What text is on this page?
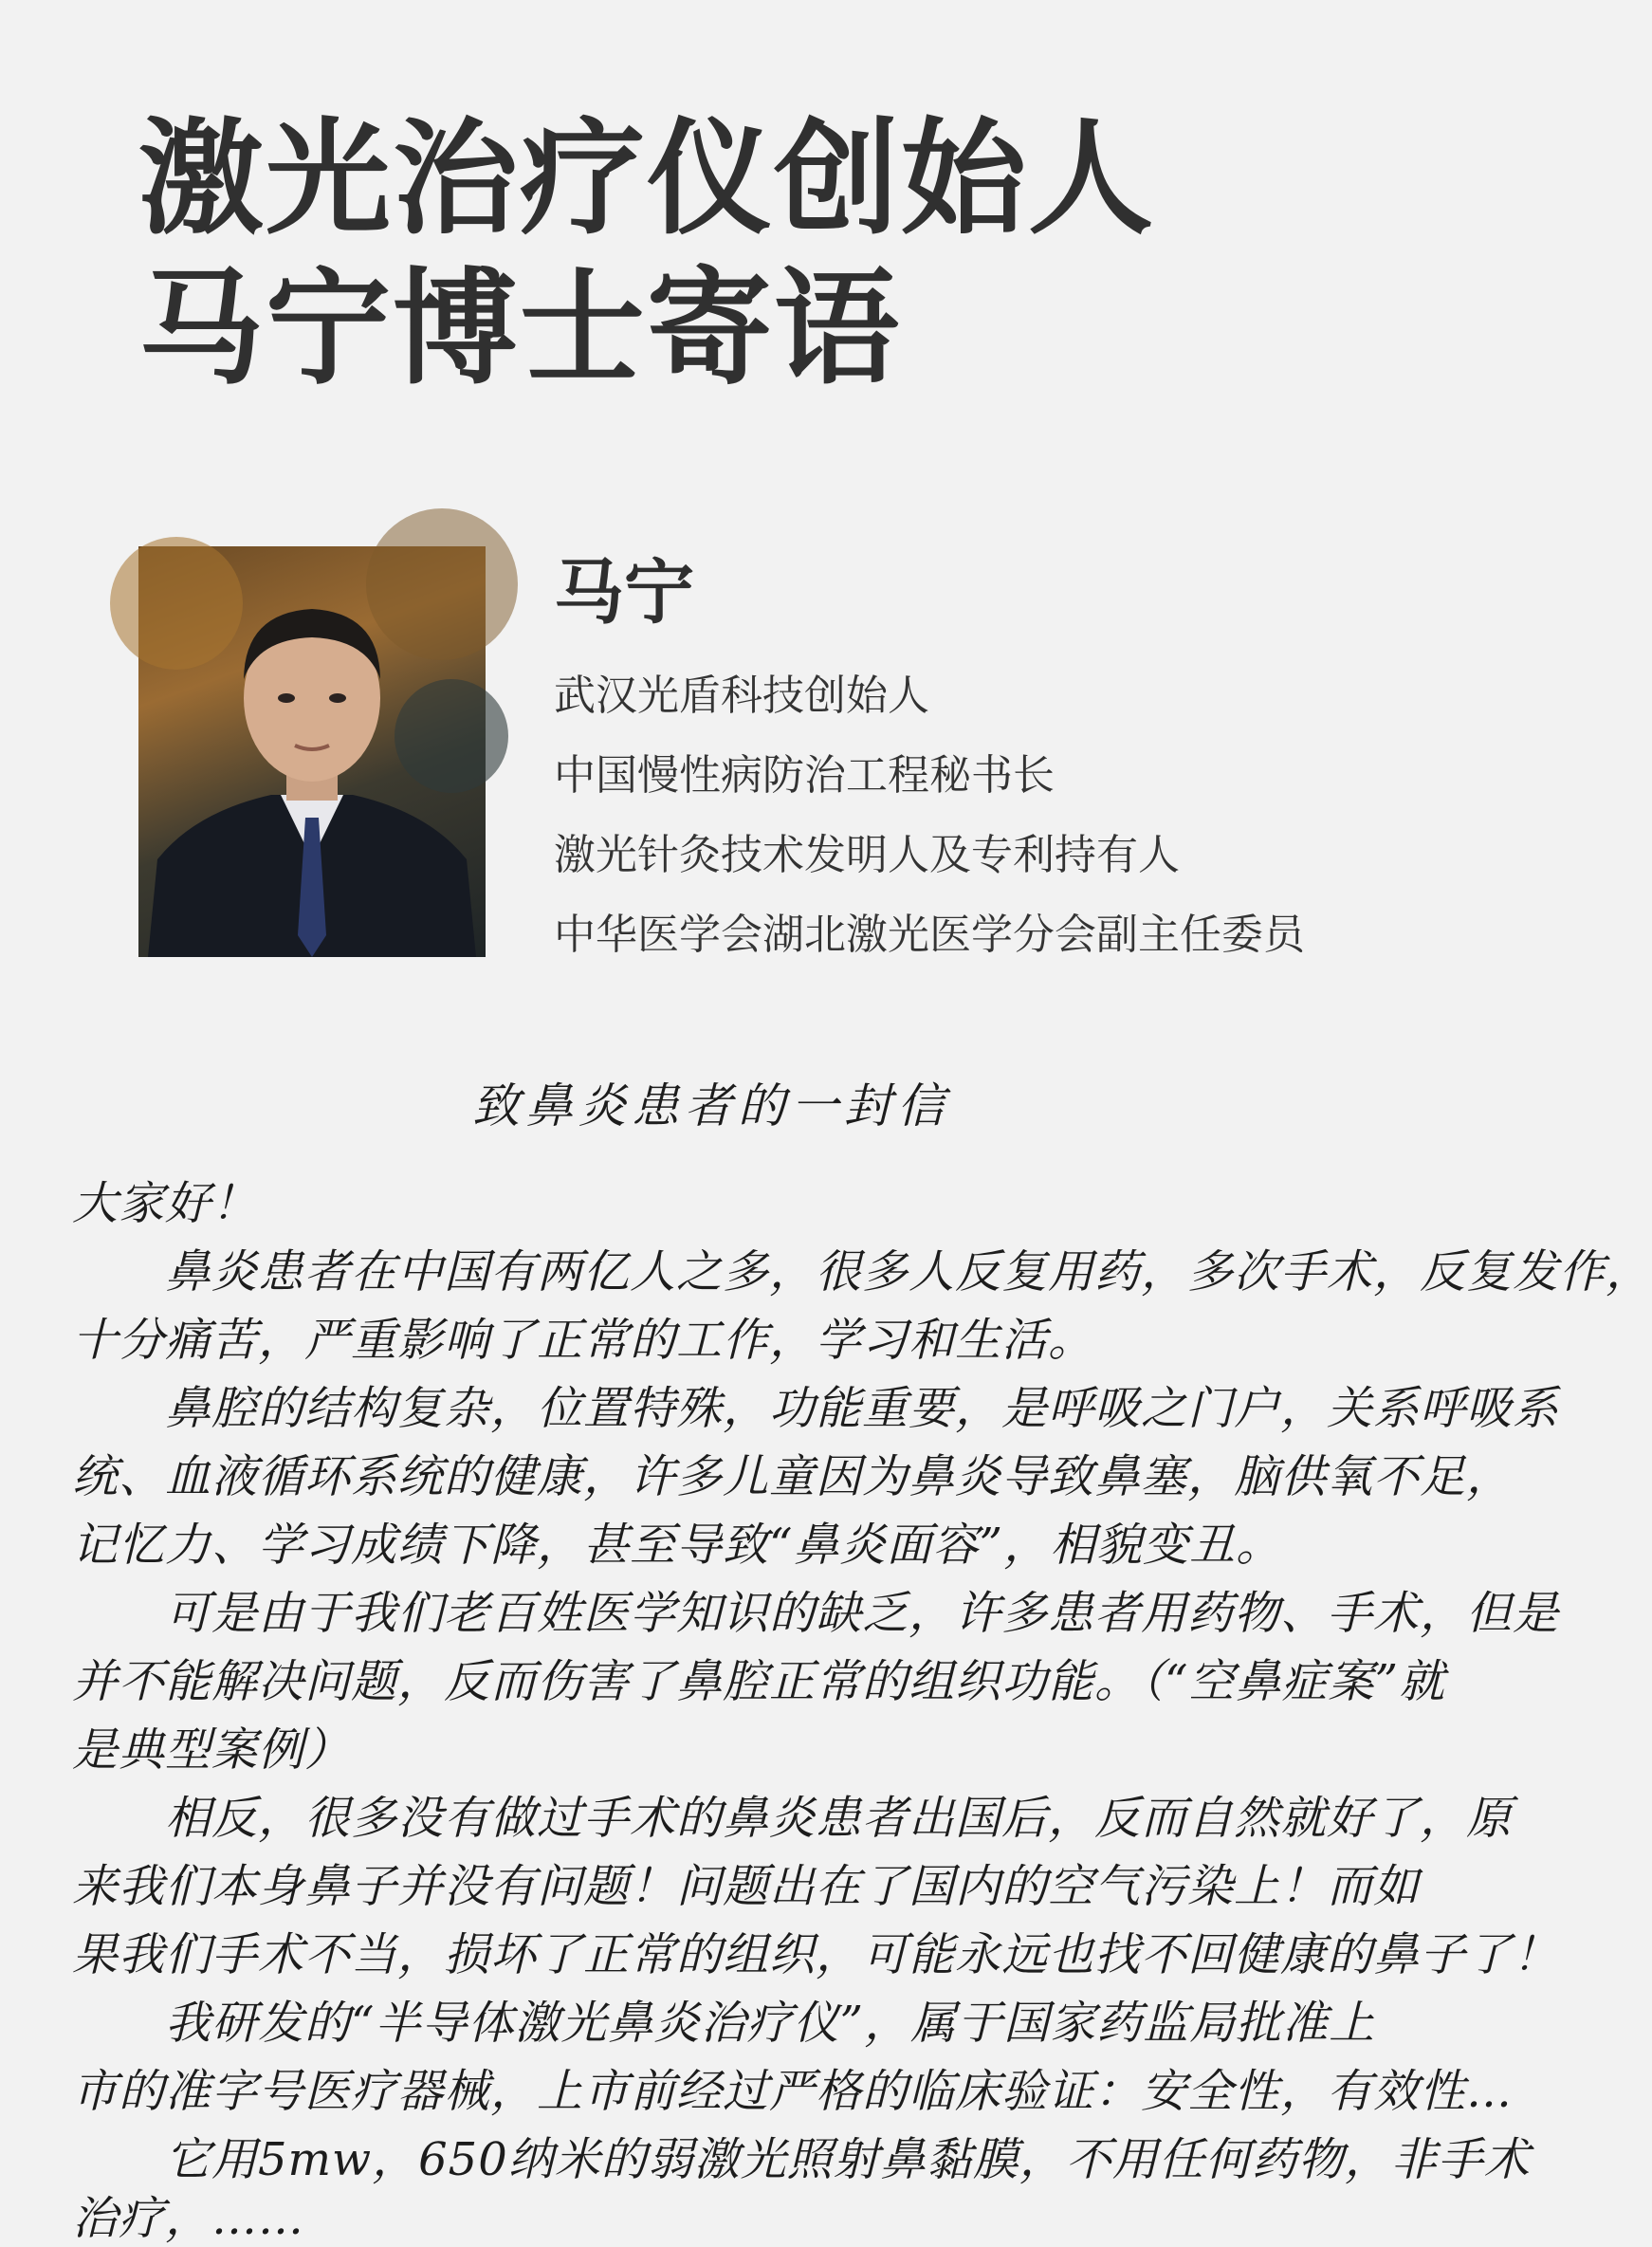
激光治疗仪创始人
马宁博士寄语

马宁

武汉光盾科技创始人

中国慢性病防治工程秘书长

激光针灸技术发明人及专利持有人

中华医学会湖北激光医学分会副主任委员

致鼻炎患者的一封信
大家好！
　　鼻炎患者在中国有两亿人之多，很多人反复用药，多次手术，反复发作，
十分痛苦，严重影响了正常的工作，学习和生活。
　　鼻腔的结构复杂，位置特殊，功能重要，是呼吸之门户，关系呼吸系
统、血液循环系统的健康，许多儿童因为鼻炎导致鼻塞，脑供氧不足，
记忆力、学习成绩下降，甚至导致“鼻炎面容”，相貌变丑。
　　可是由于我们老百姓医学知识的缺乏，许多患者用药物、手术，但是
并不能解决问题，反而伤害了鼻腔正常的组织功能。（“空鼻症案”就
是典型案例）
　　相反，很多没有做过手术的鼻炎患者出国后，反而自然就好了，原
来我们本身鼻子并没有问题！问题出在了国内的空气污染上！而如
果我们手术不当，损坏了正常的组织，可能永远也找不回健康的鼻子了！
　　我研发的“半导体激光鼻炎治疗仪”，属于国家药监局批准上
市的准字号医疗器械，上市前经过严格的临床验证：安全性，有效性…
　　它用5mw，650纳米的弱激光照射鼻黏膜，不用任何药物，非手术
治疗，……
